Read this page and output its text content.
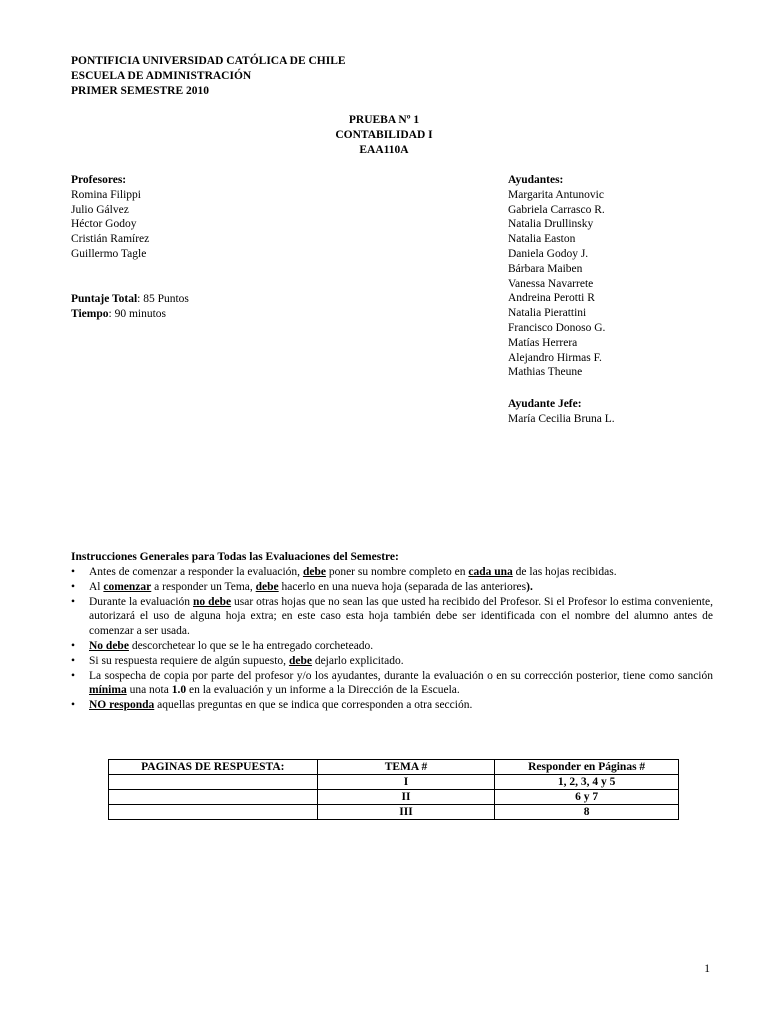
PONTIFICIA UNIVERSIDAD CATÓLICA DE CHILE
ESCUELA DE ADMINISTRACIÓN
PRIMER SEMESTRE 2010
PRUEBA Nº 1
CONTABILIDAD I
EAA110A
Profesores:
Romina Filippi
Julio Gálvez
Héctor Godoy
Cristián Ramírez
Guillermo Tagle
Puntaje Total: 85 Puntos
Tiempo: 90 minutos
Ayudantes:
Margarita Antunovic
Gabriela Carrasco R.
Natalia Drullinsky
Natalia Easton
Daniela Godoy J.
Bárbara Maiben
Vanessa Navarrete
Andreina Perotti R
Natalia Pierattini
Francisco Donoso G.
Matías Herrera
Alejandro Hirmas F.
Mathias Theune
Ayudante Jefe:
María Cecilia Bruna L.
Instrucciones Generales para Todas las Evaluaciones del Semestre:
• Antes de comenzar a responder la evaluación, debe poner su nombre completo en cada una de las hojas recibidas.
• Al comenzar a responder un Tema, debe hacerlo en una nueva hoja (separada de las anteriores).
• Durante la evaluación no debe usar otras hojas que no sean las que usted ha recibido del Profesor. Si el Profesor lo estima conveniente, autorizará el uso de alguna hoja extra; en este caso esta hoja también debe ser identificada con el nombre del alumno antes de comenzar a ser usada.
• No debe descorchetear lo que se le ha entregado corcheteado.
• Si su respuesta requiere de algún supuesto, debe dejarlo explicitado.
• La sospecha de copia por parte del profesor y/o los ayudantes, durante la evaluación o en su corrección posterior, tiene como sanción mínima una nota 1.0 en la evaluación y un informe a la Dirección de la Escuela.
• NO responda aquellas preguntas en que se indica que corresponden a otra sección.
PAGINAS DE RESPUESTA:	TEMA #	Responder en Páginas #
	I	1, 2, 3, 4 y 5
	II	6 y 7
	III	8
1
